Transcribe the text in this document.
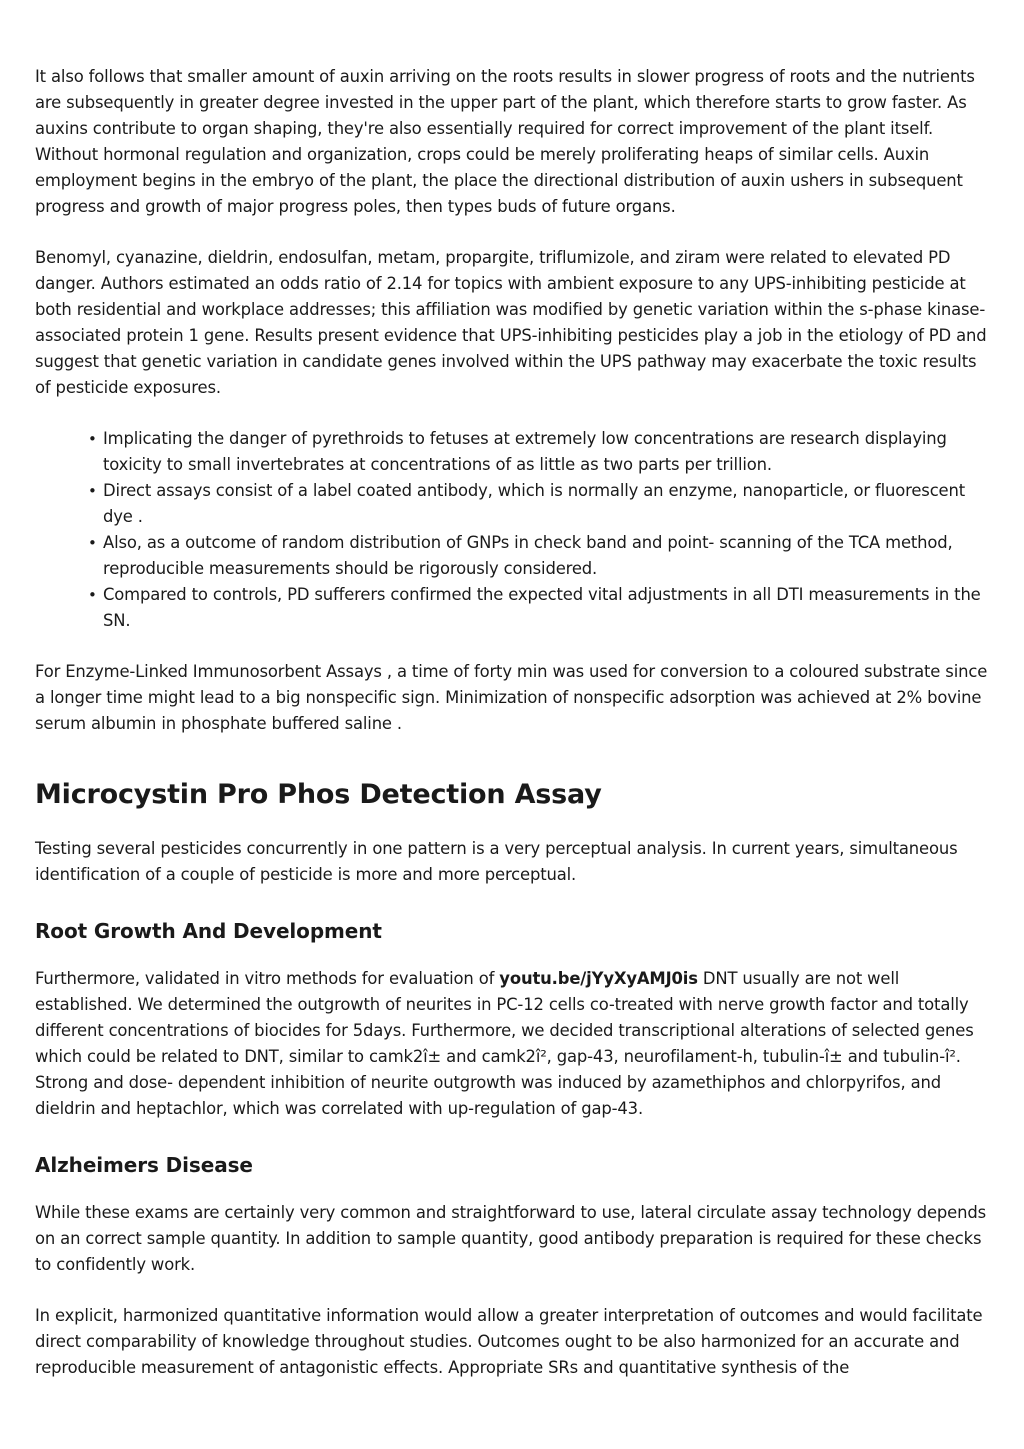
It also follows that smaller amount of auxin arriving on the roots results in slower progress of roots and the nutrients are subsequently in greater degree invested in the upper part of the plant, which therefore starts to grow faster. As auxins contribute to organ shaping, they're also essentially required for correct improvement of the plant itself. Without hormonal regulation and organization, crops could be merely proliferating heaps of similar cells. Auxin employment begins in the embryo of the plant, the place the directional distribution of auxin ushers in subsequent progress and growth of major progress poles, then types buds of future organs.

Benomyl, cyanazine, dieldrin, endosulfan, metam, propargite, triflumizole, and ziram were related to elevated PD danger. Authors estimated an odds ratio of 2.14 for topics with ambient exposure to any UPS-inhibiting pesticide at both residential and workplace addresses; this affiliation was modified by genetic variation within the s-phase kinase-associated protein 1 gene. Results present evidence that UPS-inhibiting pesticides play a job in the etiology of PD and suggest that genetic variation in candidate genes involved within the UPS pathway may exacerbate the toxic results of pesticide exposures.

• Implicating the danger of pyrethroids to fetuses at extremely low concentrations are research displaying toxicity to small invertebrates at concentrations of as little as two parts per trillion.
• Direct assays consist of a label coated antibody, which is normally an enzyme, nanoparticle, or fluorescent dye .
• Also, as a outcome of random distribution of GNPs in check band and point- scanning of the TCA method, reproducible measurements should be rigorously considered.
• Compared to controls, PD sufferers confirmed the expected vital adjustments in all DTI measurements in the SN.

For Enzyme-Linked Immunosorbent Assays , a time of forty min was used for conversion to a coloured substrate since a longer time might lead to a big nonspecific sign. Minimization of nonspecific adsorption was achieved at 2% bovine serum albumin in phosphate buffered saline .

Microcystin Pro Phos Detection Assay

Testing several pesticides concurrently in one pattern is a very perceptual analysis. In current years, simultaneous identification of a couple of pesticide is more and more perceptual.

Root Growth And Development

Furthermore, validated in vitro methods for evaluation of youtu.be/jYyXyAMJ0is DNT usually are not well established. We determined the outgrowth of neurites in PC-12 cells co-treated with nerve growth factor and totally different concentrations of biocides for 5days. Furthermore, we decided transcriptional alterations of selected genes which could be related to DNT, similar to camk2î± and camk2î², gap-43, neurofilament-h, tubulin-î± and tubulin-î². Strong and dose- dependent inhibition of neurite outgrowth was induced by azamethiphos and chlorpyrifos, and dieldrin and heptachlor, which was correlated with up-regulation of gap-43.

Alzheimers Disease

While these exams are certainly very common and straightforward to use, lateral circulate assay technology depends on an correct sample quantity. In addition to sample quantity, good antibody preparation is required for these checks to confidently work.

In explicit, harmonized quantitative information would allow a greater interpretation of outcomes and would facilitate direct comparability of knowledge throughout studies. Outcomes ought to be also harmonized for an accurate and reproducible measurement of antagonistic effects. Appropriate SRs and quantitative synthesis of the
